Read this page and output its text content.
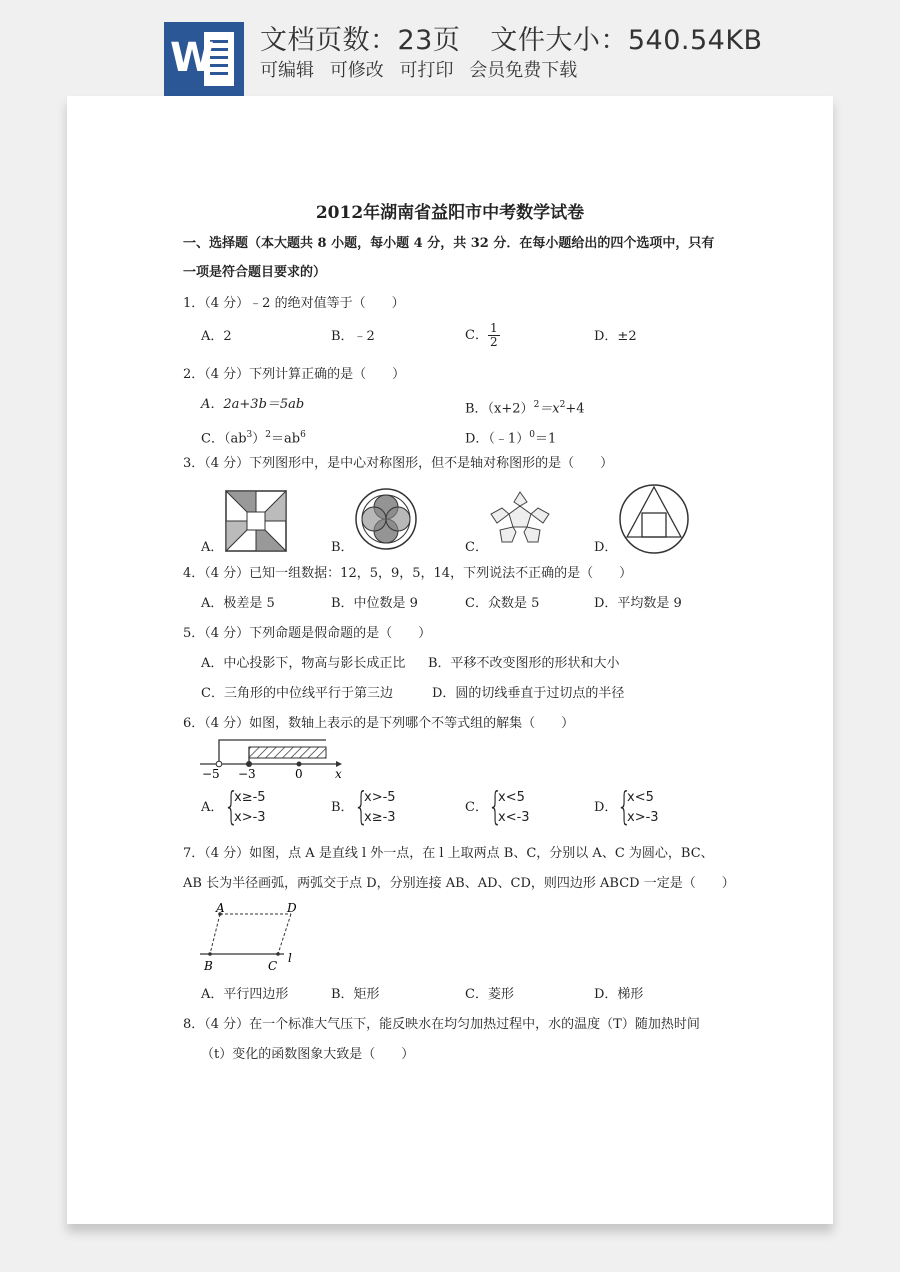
W 文档页数：23页 文件大小：540.54KB
可编辑 可修改 可打印 会员免费下载
2012年湖南省益阳市中考数学试卷
一、选择题（本大题共 8 小题，每小题 4 分，共 32 分．在每小题给出的四个选项中，只有
一项是符合题目要求的）
1．（4 分）﹣2 的绝对值等于（　　）
A．2	B．﹣2	C． $\frac{1}{2}$	D．±2
2．（4 分）下列计算正确的是（　　）
A．2a+3b＝5ab	B．$(x+2)^2=x^2+4$
C．$(ab^3)^2=ab^6$	D．（﹣1）$^0$＝1
3．（4 分）下列图形中，是中心对称图形，但不是轴对称图形的是（　　）
A．	B．	C．	D．
4．（4 分）已知一组数据：12，5，9，5，14，下列说法不正确的是（　　）
A．极差是 5	B．中位数是 9	C．众数是 5	D．平均数是 9
5．（4 分）下列命题是假命题的是（　　）
A．中心投影下，物高与影长成正比 B．平移不改变图形的形状和大小
C．三角形的中位线平行于第三边	D．圆的切线垂直于过切点的半径
6．（4 分）如图，数轴上表示的是下列哪个不等式组的解集（　　）
−5 −3	0	x
A． {
x≥-5
x>-3
B． {
x>-5
x≥-3
C． {
x<5
x<-3
D． {
x<5
x>-3
7．（4 分）如图，点 A 是直线 l 外一点，在 l 上取两点 B、C，分别以 A、C 为圆心，BC、
AB 长为半径画弧，两弧交于点 D，分别连接 AB、AD、CD，则四边形 ABCD 一定是（　　）
A	D
B	C
l
A．平行四边形	B．矩形	C．菱形	D．梯形
8．（4 分）在一个标准大气压下，能反映水在均匀加热过程中，水的温度（T）随加热时间
（t）变化的函数图象大致是（　　）
